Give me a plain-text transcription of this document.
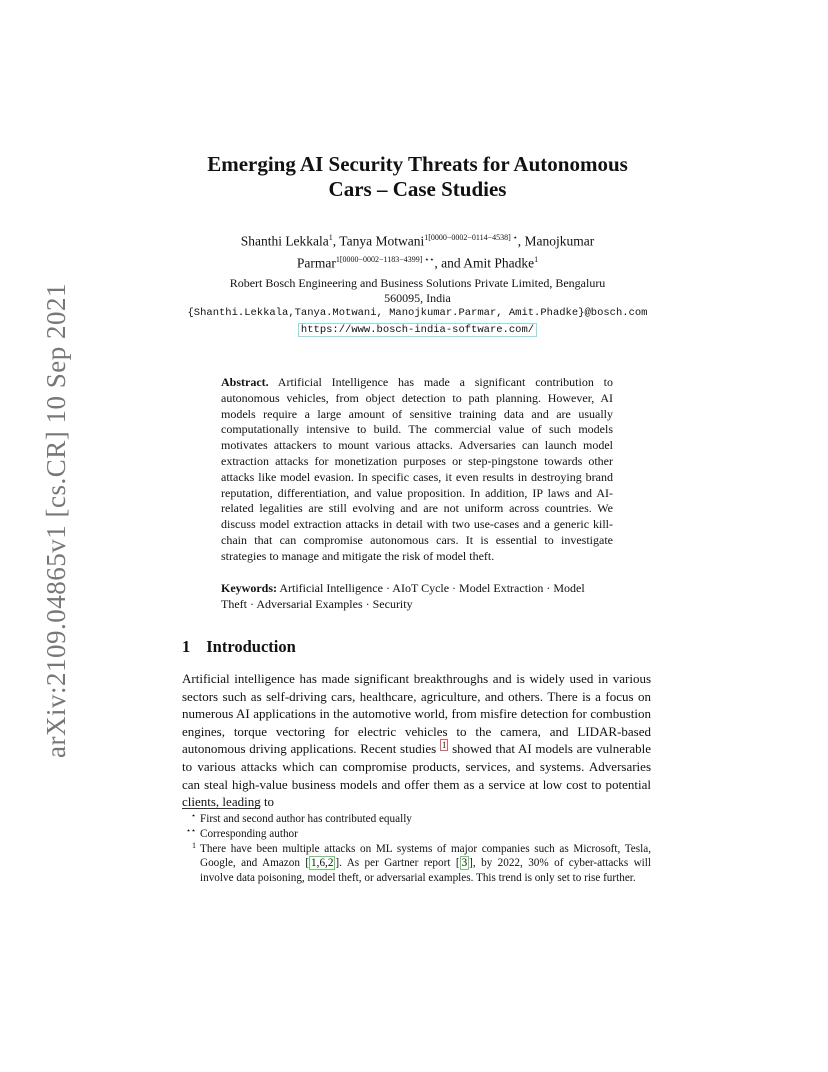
arXiv:2109.04865v1 [cs.CR] 10 Sep 2021
Emerging AI Security Threats for Autonomous
Cars – Case Studies
Shanthi Lekkala$^1$, Tanya Motwani$^{1[0000-0002-0114-4538] ⋆}$, Manojkumar
Parmar$^{1[0000-0002-1183-4399] ⋆⋆}$, and Amit Phadke$^1$
Robert Bosch Engineering and Business Solutions Private Limited, Bengaluru
560095, India
{Shanthi.Lekkala,Tanya.Motwani, Manojkumar.Parmar, Amit.Phadke}@bosch.com
https://www.bosch-india-software.com/
Abstract. Artificial Intelligence has made a significant contribution to autonomous vehicles, from object detection to path planning. However, AI models require a large amount of sensitive training data and are usually computationally intensive to build. The commercial value of such models motivates attackers to mount various attacks. Adversaries can launch model extraction attacks for monetization purposes or step-pingstone towards other attacks like model evasion. In specific cases, it even results in destroying brand reputation, differentiation, and value proposition. In addition, IP laws and AI-related legalities are still evolving and are not uniform across countries. We discuss model extraction attacks in detail with two use-cases and a generic kill-chain that can compromise autonomous cars. It is essential to investigate strategies to manage and mitigate the risk of model theft.
Keywords: Artificial Intelligence · AIoT Cycle · Model Extraction · Model Theft · Adversarial Examples · Security
1 Introduction
Artificial intelligence has made significant breakthroughs and is widely used in various sectors such as self-driving cars, healthcare, agriculture, and others. There is a focus on numerous AI applications in the automotive world, from misfire detection for combustion engines, torque vectoring for electric vehicles to the camera, and LIDAR-based autonomous driving applications. Recent studies $^1$ showed that AI models are vulnerable to various attacks which can compromise products, services, and systems. Adversaries can steal high-value business models and offer them as a service at low cost to potential clients, leading to
⋆ First and second author has contributed equally
⋆⋆ Corresponding author
1 There have been multiple attacks on ML systems of major companies such as Microsoft, Tesla, Google, and Amazon [ 1,6,2 ]. As per Gartner report [ 3 ], by 2022, 30% of cyber-attacks will involve data poisoning, model theft, or adversarial examples. This trend is only set to rise further.
